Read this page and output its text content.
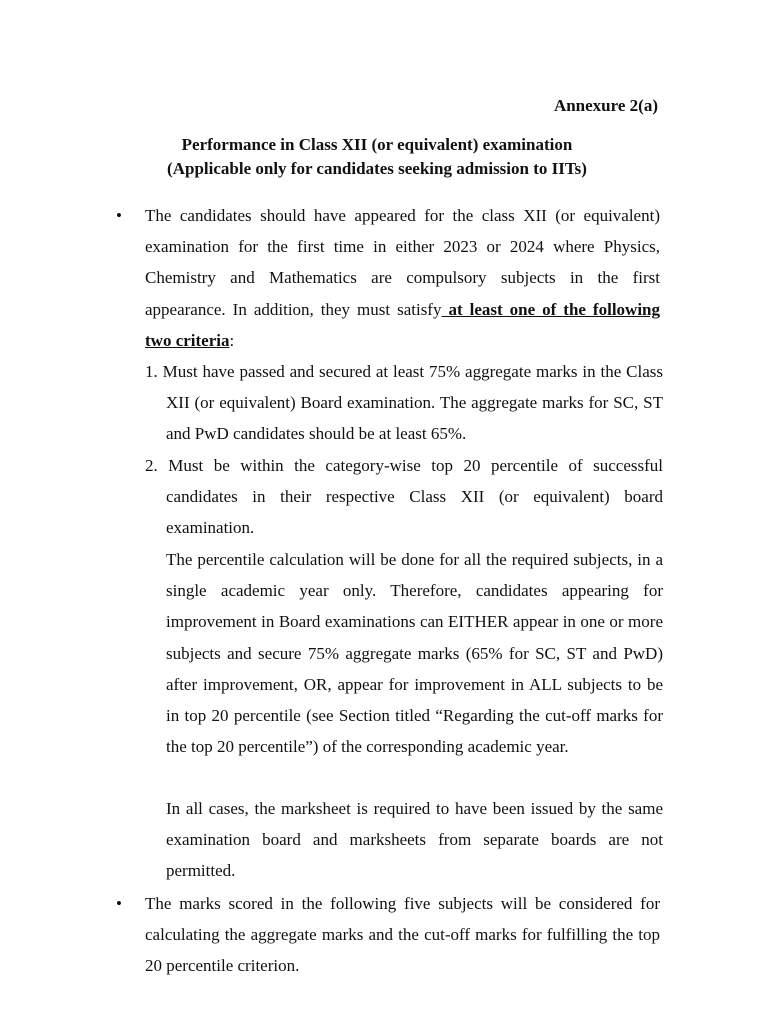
Annexure 2(a)
Performance in Class XII (or equivalent) examination
(Applicable only for candidates seeking admission to IITs)
• The candidates should have appeared for the class XII (or equivalent) examination for the first time in either 2023 or 2024 where Physics, Chemistry and Mathematics are compulsory subjects in the first appearance. In addition, they must satisfy at least one of the following two criteria:

1. Must have passed and secured at least 75% aggregate marks in the Class XII (or equivalent) Board examination. The aggregate marks for SC, ST and PwD candidates should be at least 65%.

2. Must be within the category-wise top 20 percentile of successful candidates in their respective Class XII (or equivalent) board examination.

The percentile calculation will be done for all the required subjects, in a single academic year only. Therefore, candidates appearing for improvement in Board examinations can EITHER appear in one or more subjects and secure 75% aggregate marks (65% for SC, ST and PwD) after improvement, OR, appear for improvement in ALL subjects to be in top 20 percentile (see Section titled “Regarding the cut-off marks for the top 20 percentile”) of the corresponding academic year.
In all cases, the marksheet is required to have been issued by the same examination board and marksheets from separate boards are not permitted.
• The marks scored in the following five subjects will be considered for calculating the aggregate marks and the cut-off marks for fulfilling the top 20 percentile criterion.
